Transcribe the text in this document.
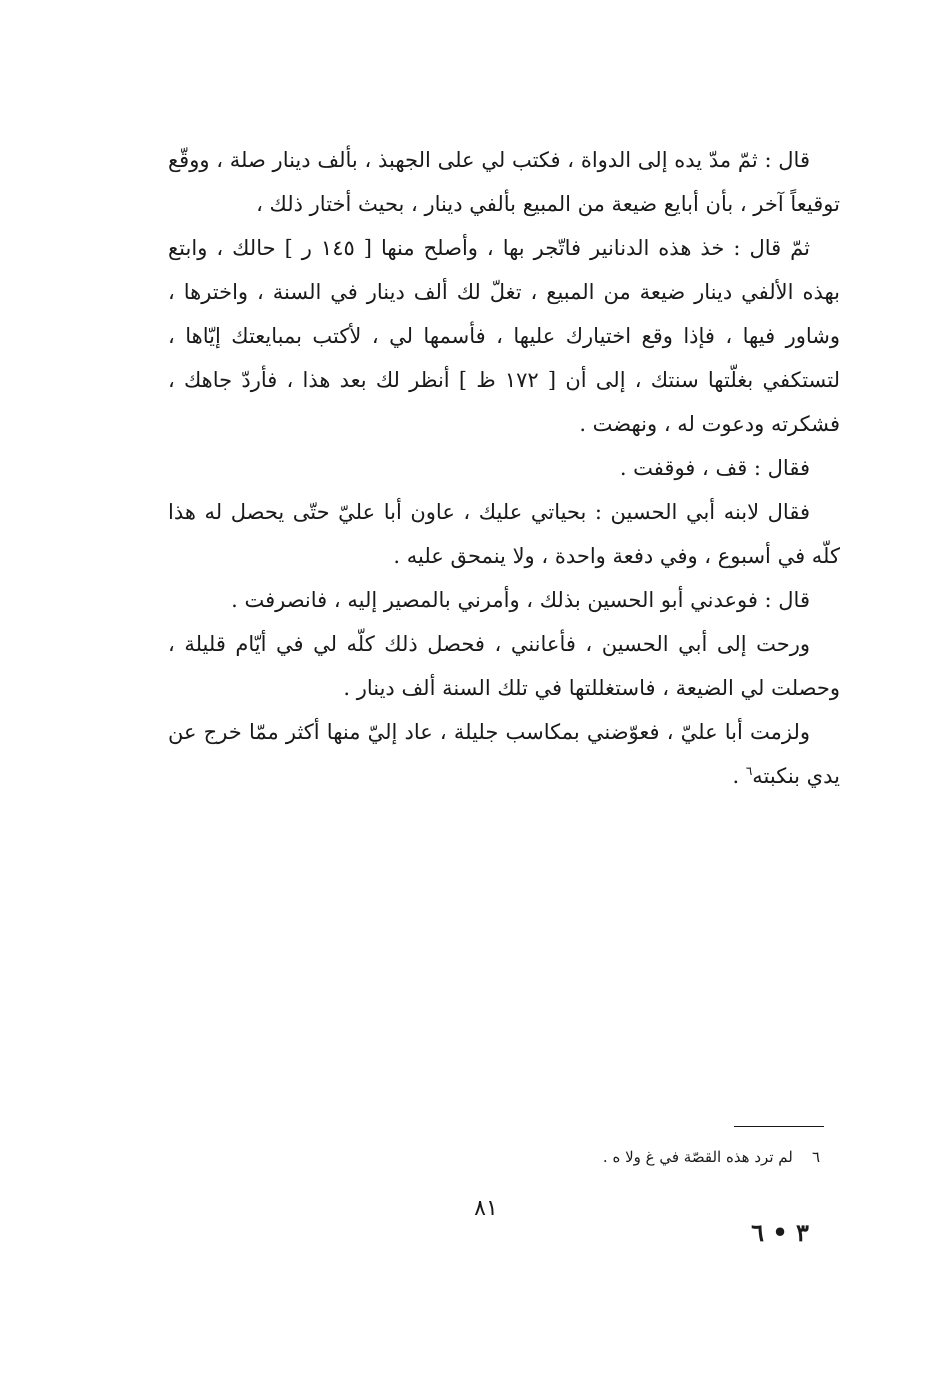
قال : ثمّ مدّ يده إلى الدواة ، فكتب لي على الجهبذ ، بألف دينار صلة ، ووقّع توقيعاً آخر ، بأن أبايع ضيعة من المبيع بألفي دينار ، بحيث أختار ذلك ،

ثمّ قال : خذ هذه الدنانير فاتّجر بها ، وأصلح منها [ ١٤٥ ر ] حالك ، وابتع بهذه الألفي دينار ضيعة من المبيع ، تغلّ لك ألف دينار في السنة ، واخترها ، وشاور فيها ، فإذا وقع اختيارك عليها ، فأسمها لي ، لأكتب بمبايعتك إيّاها ، لتستكفي بغلّتها سنتك ، إلى أن [ ١٧٢ ظ ] أنظر لك بعد هذا ، فأردّ جاهك ، فشكرته ودعوت له ، ونهضت .

فقال : قف ، فوقفت .

فقال لابنه أبي الحسين : بحياتي عليك ، عاون أبا عليّ حتّى يحصل له هذا كلّه في أسبوع ، وفي دفعة واحدة ، ولا ينمحق عليه .

قال : فوعدني أبو الحسين بذلك ، وأمرني بالمصير إليه ، فانصرفت .

ورحت إلى أبي الحسين ، فأعانني ، فحصل ذلك كلّه لي في أيّام قليلة ، وحصلت لي الضيعة ، فاستغللتها في تلك السنة ألف دينار .

ولزمت أبا عليّ ، فعوّضني بمكاسب جليلة ، عاد إليّ منها أكثر ممّا خرج عن يدي بنكبته$^٦$ .

٦    لم ترد هذه القصّة في غ ولا ه .
٨١
٣ • ٦
